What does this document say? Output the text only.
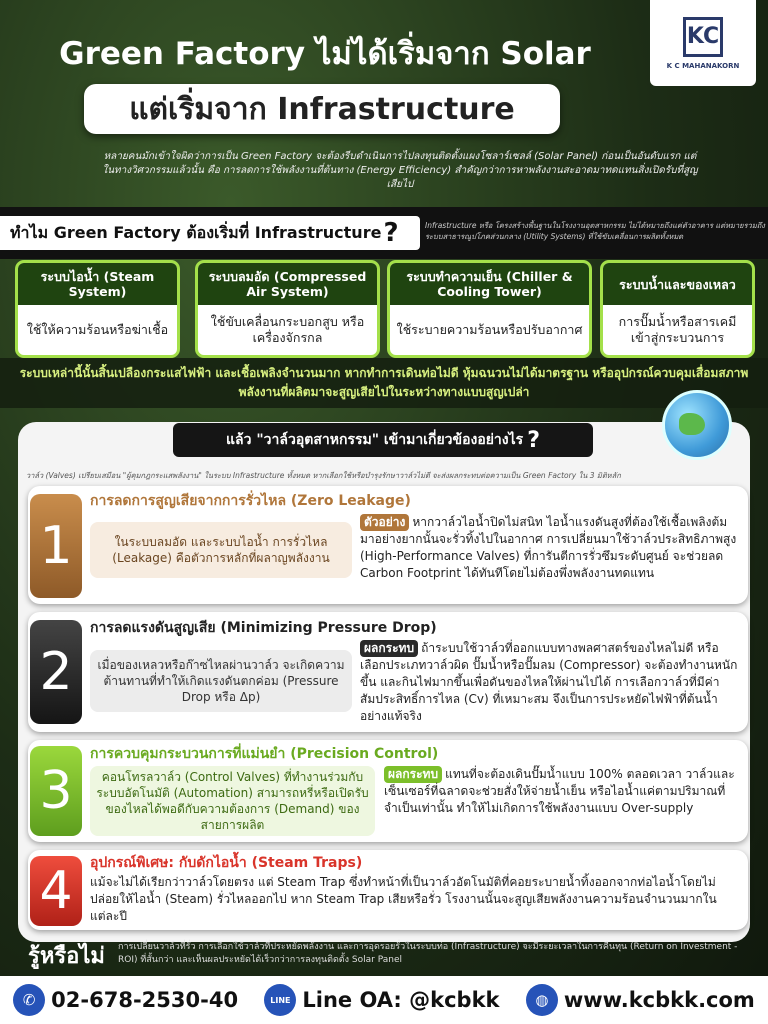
Green Factory ไม่ได้เริ่มจาก Solar
แต่เริ่มจาก Infrastructure
KC
K C MAHANAKORN
หลายคนมักเข้าใจผิดว่าการเป็น Green Factory จะต้องรีบดำเนินการไปลงทุนติดตั้งแผงโซลาร์เซลล์ (Solar Panel) ก่อนเป็นอันดับแรก แต่ในทางวิศวกรรมแล้วนั้น คือ การลดการใช้พลังงานที่ต้นทาง (Energy Efficiency) สำคัญกว่าการหาพลังงานสะอาดมาทดแทนสิ่งเปิดรับที่สูญเสียไป
ทำไม Green Factory ต้องเริ่มที่ Infrastructure ?	Infrastructure หรือ โครงสร้างพื้นฐานในโรงงานอุตสาหกรรม ไม่ได้หมายถึงแค่ตัวอาคาร แต่หมายรวมถึง ระบบสาธารณูปโภคส่วนกลาง (Utility Systems) ที่ใช้ขับเคลื่อนการผลิตทั้งหมด
ระบบไอน้ำ (Steam System)
ใช้ให้ความร้อนหรือฆ่าเชื้อ
ระบบลมอัด (Compressed Air System)
ใช้ขับเคลื่อนกระบอกสูบ หรือเครื่องจักรกล
ระบบทำความเย็น (Chiller & Cooling Tower)
ใช้ระบายความร้อนหรือปรับอากาศ
ระบบน้ำและของเหลว
การปั๊มน้ำหรือสารเคมี เข้าสู่กระบวนการ
ระบบเหล่านี้นั้นสิ้นเปลืองกระแสไฟฟ้า และเชื้อเพลิงจำนวนมาก หากทำการเดินท่อไม่ดี หุ้มฉนวนไม่ได้มาตรฐาน หรืออุปกรณ์ควบคุมเสื่อมสภาพพลังงานที่ผลิตมาจะสูญเสียไปในระหว่างทางแบบสูญเปล่า
แล้ว "วาล์วอุตสาหกรรม" เข้ามาเกี่ยวข้องอย่างไร ?
วาล์ว (Valves) เปรียบเสมือน "ผู้คุมกฎกระแสพลังงาน" ในระบบ Infrastructure ทั้งหมด หากเลือกใช้หรือบำรุงรักษาวาล์วไม่ดี จะส่งผลกระทบต่อความเป็น Green Factory ใน 3 มิติหลัก
1
การลดการสูญเสียจากการรั่วไหล (Zero Leakage)
ในระบบลมอัด และระบบไอน้ำ การรั่วไหล (Leakage) คือตัวการหลักที่ผลาญพลังงาน
ตัวอย่าง หากวาล์วไอน้ำปิดไม่สนิท ไอน้ำแรงดันสูงที่ต้องใช้เชื้อเพลิงต้มมาอย่างยากนั้นจะรั่วทิ้งไปในอากาศ การเปลี่ยนมาใช้วาล์วประสิทธิภาพสูง (High-Performance Valves) ที่การันตีการรั่วซึมระดับศูนย์ จะช่วยลด Carbon Footprint ได้ทันทีโดยไม่ต้องพึ่งพลังงานทดแทน
2
การลดแรงดันสูญเสีย (Minimizing Pressure Drop)
เมื่อของเหลวหรือก๊าซไหลผ่านวาล์ว จะเกิดความต้านทานที่ทำให้เกิดแรงดันตกค่อม (Pressure Drop หรือ Δp)
ผลกระทบ ถ้าระบบใช้วาล์วที่ออกแบบทางพลศาสตร์ของไหลไม่ดี หรือเลือกประเภทวาล์วผิด ปั๊มน้ำหรือปั๊มลม (Compressor) จะต้องทำงานหนักขึ้น และกินไฟมากขึ้นเพื่อดันของไหลให้ผ่านไปได้ การเลือกวาล์วที่มีค่าสัมประสิทธิ์การไหล (Cv) ที่เหมาะสม จึงเป็นการประหยัดไฟฟ้าที่ต้นน้ำอย่างแท้จริง
3
การควบคุมกระบวนการที่แม่นยำ (Precision Control)
คอนโทรลวาล์ว (Control Valves) ที่ทำงานร่วมกับระบบอัตโนมัติ (Automation) สามารถหรี่หรือเปิดรับของไหลได้พอดีกับความต้องการ (Demand) ของสายการผลิต
ผลกระทบ แทนที่จะต้องเดินปั๊มน้ำแบบ 100% ตลอดเวลา วาล์วและเซ็นเซอร์ที่ฉลาดจะช่วยสั่งให้จ่ายน้ำเย็น หรือไอน้ำแค่ตามปริมาณที่จำเป็นเท่านั้น ทำให้ไม่เกิดการใช้พลังงานแบบ Over-supply
4	อุปกรณ์พิเศษ: กับดักไอน้ำ (Steam Traps)
แม้จะไม่ได้เรียกว่าวาล์วโดยตรง แต่ Steam Trap ซึ่งทำหน้าที่เป็นวาล์วอัตโนมัติที่คอยระบายน้ำทิ้งออกจากท่อไอน้ำโดยไม่ปล่อยให้ไอน้ำ (Steam) รั่วไหลออกไป หาก Steam Trap เสียหรือรั่ว โรงงานนั้นจะสูญเสียพลังงานความร้อนจำนวนมากในแต่ละปี
รู้หรือไม่ การเปลี่ยนวาล์วที่รั่ว การเลือกใช้วาล์วที่ประหยัดพลังงาน และการอุดรอยรั่วในระบบท่อ (Infrastructure) จะมีระยะเวลาในการคืนทุน (Return on Investment - ROI) ที่สั้นกว่า และเห็นผลประหยัดได้เร็วกว่าการลงทุนติดตั้ง Solar Panel
✆ 02-678-2530-40	LINE Line OA: @kcbkk	◍ www.kcbkk.com
